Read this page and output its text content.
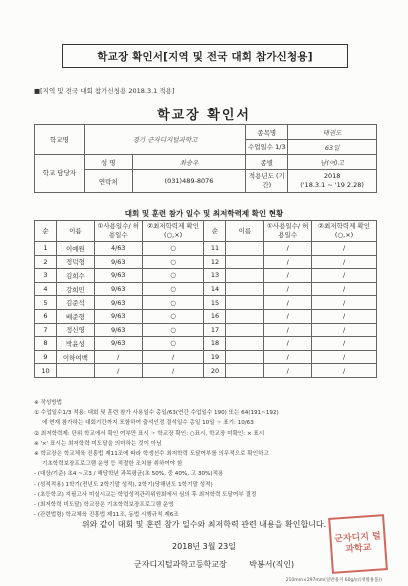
학교장 확인서[지역 및 전국 대회 참가신청용]
■[지역 및 전국 대회 참가신청용 2018.3.1 적용]
학교장 확인서
학교명	경기 군자디지털과학고		종목명	태권도
			수업일수 1/3	63일

학교 담당자	성 명	최승우	종별	남(여)고
	연락처	(031)489-8076	적용년도 (기간)	2018
('18.3.1 ~ '19 2.28)
대회 및 훈련 참가 일수 및 최저학력제 확인 현황
순	이름	①사용일수/ 허용일수	②최저학력제 확인(○,×)	순	이름	①사용일수/ 허용일수	②최저학력제 확인(○,×)
1	이예원	4/63	○	11		/	/
2	정덕형	9/63	○	12		/	/
3	김희수	9/63	○	13		/	/
4	강희민	9/63	○	14		/	/
5	김준석	9/63	○	15		/	/
6	배준형	9/63	○	16		/	/
7	정신영	9/63	○	17		/	/
8	박윤성	9/63	○	18		/	/
9	이하여백	/	/	19		/	/
10		/	/	20		/	/
※ 작성방법
① 수업일수1/3 적용: 대회 및 훈련 참가 사용일수 총일/63(연간 수업일수 190) 또는 64(191~192)
에 현재 참가하는 대회기간까지 포함하여 출석인정 결석일수 총일 10일 ☞ 표기: 10/63
② 최저학력제: 단위 학교에서 확인 여부만 표시 ☞ 학교장 확인: ○표시, 학교장 미확인: × 표시
※ '×' 표시는 최저학력 미도달을 의미하는 것이 아님
※ 학교장은 학교체육 진흥법 제11조에 따라 학생선수 최저학력 도달여부를 의무적으로 확인하고
기초학력보장프로그램 운영 등 적절한 조치를 취하여야 함
- (대상/기준) 초4 ~고3 / 해당학년 과목평균(초 50%, 중 40%, 고 30%)적용
- (성적적용) 1학기(전년도 2학기말 성적), 2학기(당해년도 1학기말 성적)
- (초등학교) 지필고사 미실시교는 학업성적관리위원회에서 심의 후 최저학력 도달여부 결정
- (최저학력 미도달) 학교장은 기초학력보장프로그램 운영
- (관련법령) 학교체육 진흥법 제11조, 동법 시행규칙 제6조
위와 같이 대회 및 훈련 참가 일수와 최저학력 관련 내용을 확인합니다.
2018년 3월 23일
군자디지털과학고등학교장	박봉서(직인)
군자디지 털과학교
210mm×297mm(일반용지 60g/㎡(재활용품))
